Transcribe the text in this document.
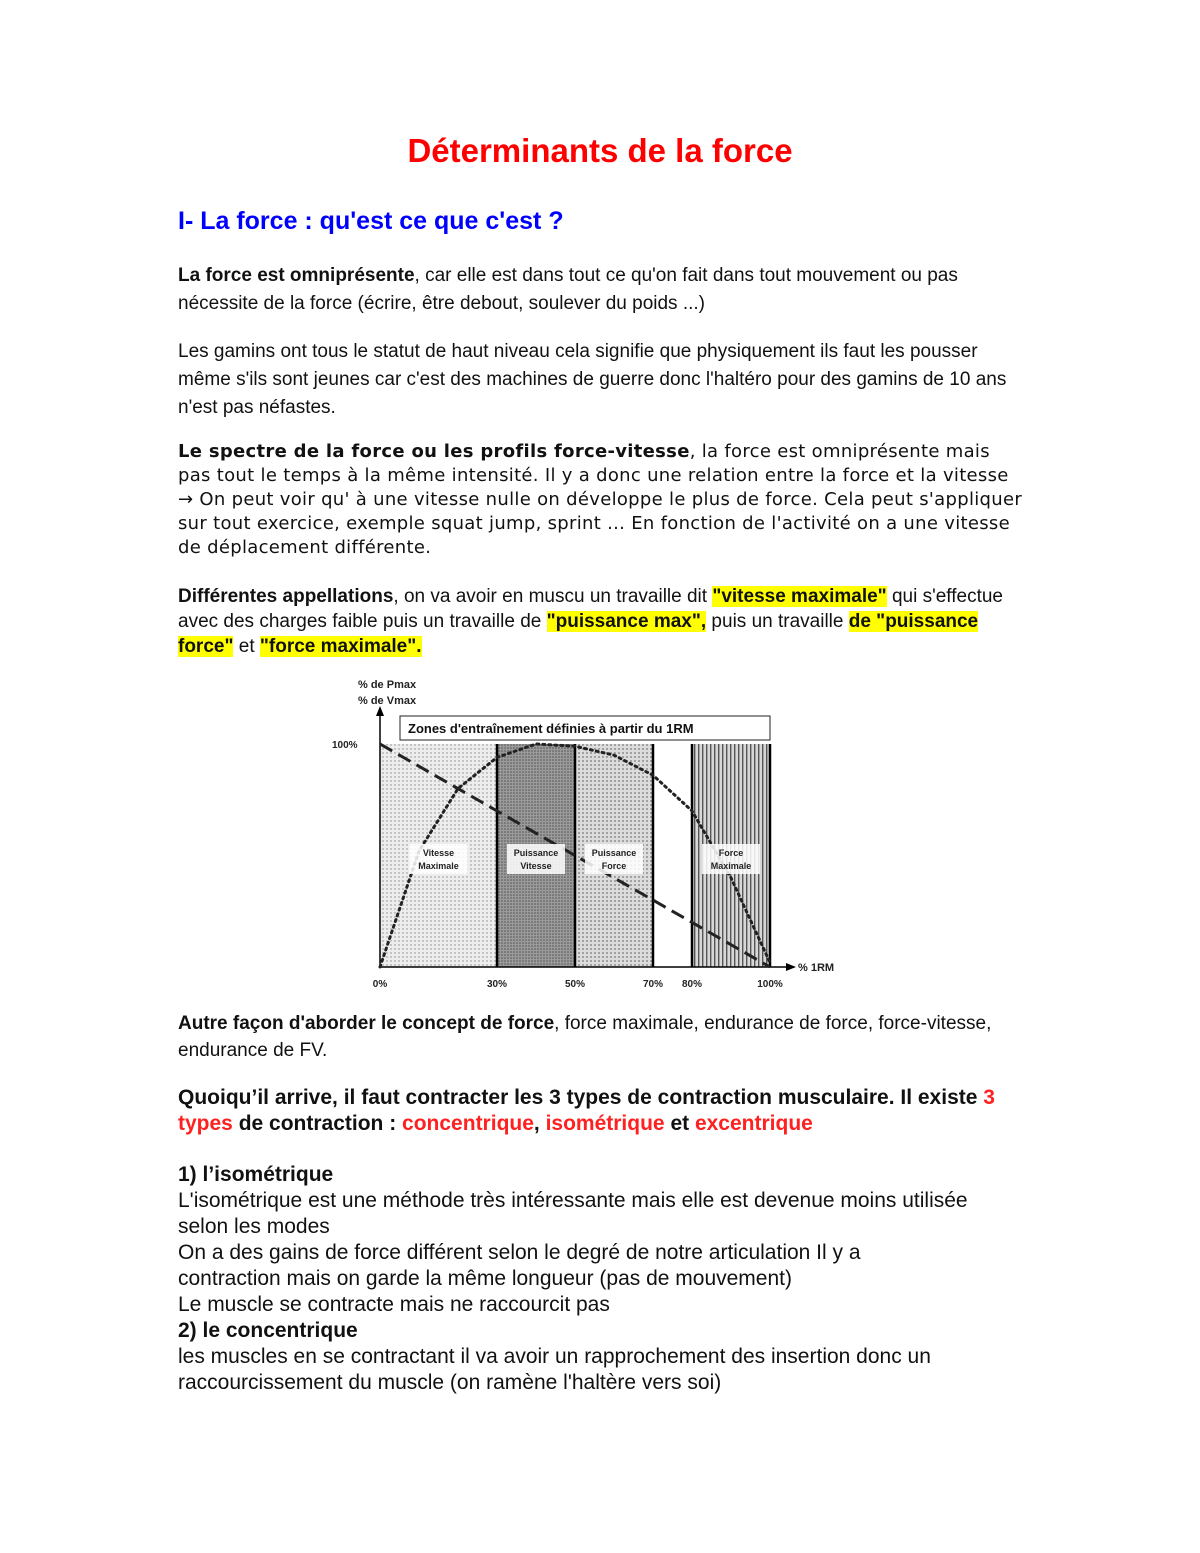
Déterminants de la force
I- La force : qu'est ce que c'est ?

La force est omniprésente, car elle est dans tout ce qu'on fait dans tout mouvement ou pas nécessite de la force (écrire, être debout, soulever du poids ...)

Les gamins ont tous le statut de haut niveau cela signifie que physiquement ils faut les pousser même s'ils sont jeunes car c'est des machines de guerre donc l'haltéro pour des gamins de 10 ans n'est pas néfastes.

Le spectre de la force ou les profils force-vitesse, la force est omniprésente mais pas tout le temps à la même intensité. Il y a donc une relation entre la force et la vitesse → On peut voir qu' à une vitesse nulle on développe le plus de force. Cela peut s'appliquer sur tout exercice, exemple squat jump, sprint ... En fonction de l'activité on a une vitesse de déplacement différente.

Différentes appellations, on va avoir en muscu un travaille dit "vitesse maximale" qui s'effectue avec des charges faible puis un travaille de "puissance max", puis un travaille de "puissance force" et "force maximale".

Zones d'entraînement définies à partir du 1RM
% de Pmax
% de Vmax
100%
0%	30%	50%	70% 80%	100%
% 1RM
Vitesse
Maximale
Puissance
Vitesse
Puissance
Force
Force
Maximale

Autre façon d'aborder le concept de force, force maximale, endurance de force, force-vitesse, endurance de FV.

Quoiqu’il arrive, il faut contracter les 3 types de contraction musculaire. Il existe 3 types de contraction : concentrique, isométrique et excentrique

1) l’isométrique

L'isométrique est une méthode très intéressante mais elle est devenue moins utilisée selon les modes

On a des gains de force différent selon le degré de notre articulation Il y a contraction mais on garde la même longueur (pas de mouvement)

Le muscle se contracte mais ne raccourcit pas

2) le concentrique

les muscles en se contractant il va avoir un rapprochement des insertion donc un raccourcissement du muscle (on ramène l'haltère vers soi)
